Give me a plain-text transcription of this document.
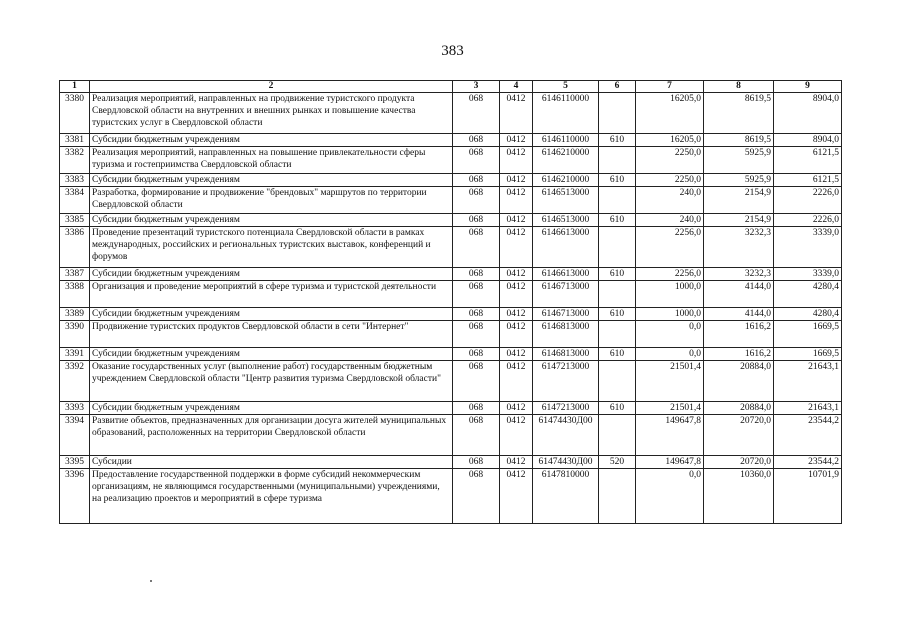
383
1	2	3	4	5	6	7	8	9
3380	Реализация мероприятий, направленных на продвижение туристского продукта Свердловской области на внутренних и внешних рынках и повышение качества туристских услуг в Свердловской области	068	0412	6146110000		16205,0	8619,5	8904,0
3381	Субсидии бюджетным учреждениям	068	0412	6146110000	610	16205,0	8619,5	8904,0
3382	Реализация мероприятий, направленных на повышение привлекательности сферы туризма и гостеприимства Свердловской области	068	0412	6146210000		2250,0	5925,9	6121,5
3383	Субсидии бюджетным учреждениям	068	0412	6146210000	610	2250,0	5925,9	6121,5
3384	Разработка, формирование и продвижение "брендовых" маршрутов по территории Свердловской области	068	0412	6146513000		240,0	2154,9	2226,0
3385	Субсидии бюджетным учреждениям	068	0412	6146513000	610	240,0	2154,9	2226,0
3386	Проведение презентаций туристского потенциала Свердловской области в рамках международных, российских и региональных туристских выставок, конференций и форумов	068	0412	6146613000		2256,0	3232,3	3339,0
3387	Субсидии бюджетным учреждениям	068	0412	6146613000	610	2256,0	3232,3	3339,0
3388	Организация и проведение мероприятий в сфере туризма и туристской деятельности	068	0412	6146713000		1000,0	4144,0	4280,4
3389	Субсидии бюджетным учреждениям	068	0412	6146713000	610	1000,0	4144,0	4280,4
3390	Продвижение туристских продуктов Свердловской области в сети "Интернет"	068	0412	6146813000		0,0	1616,2	1669,5
3391	Субсидии бюджетным учреждениям	068	0412	6146813000	610	0,0	1616,2	1669,5
3392	Оказание государственных услуг (выполнение работ) государственным бюджетным учреждением Свердловской области "Центр развития туризма Свердловской области"	068	0412	6147213000		21501,4	20884,0	21643,1
3393	Субсидии бюджетным учреждениям	068	0412	6147213000	610	21501,4	20884,0	21643,1
3394	Развитие объектов, предназначенных для организации досуга жителей муниципальных образований, расположенных на территории Свердловской области	068	0412	61474430Д00		149647,8	20720,0	23544,2
3395	Субсидии	068	0412	61474430Д00	520	149647,8	20720,0	23544,2
3396	Предоставление государственной поддержки в форме субсидий некоммерческим организациям, не являющимся государственными (муниципальными) учреждениями, на реализацию проектов и мероприятий в сфере туризма	068	0412	6147810000		0,0	10360,0	10701,9
